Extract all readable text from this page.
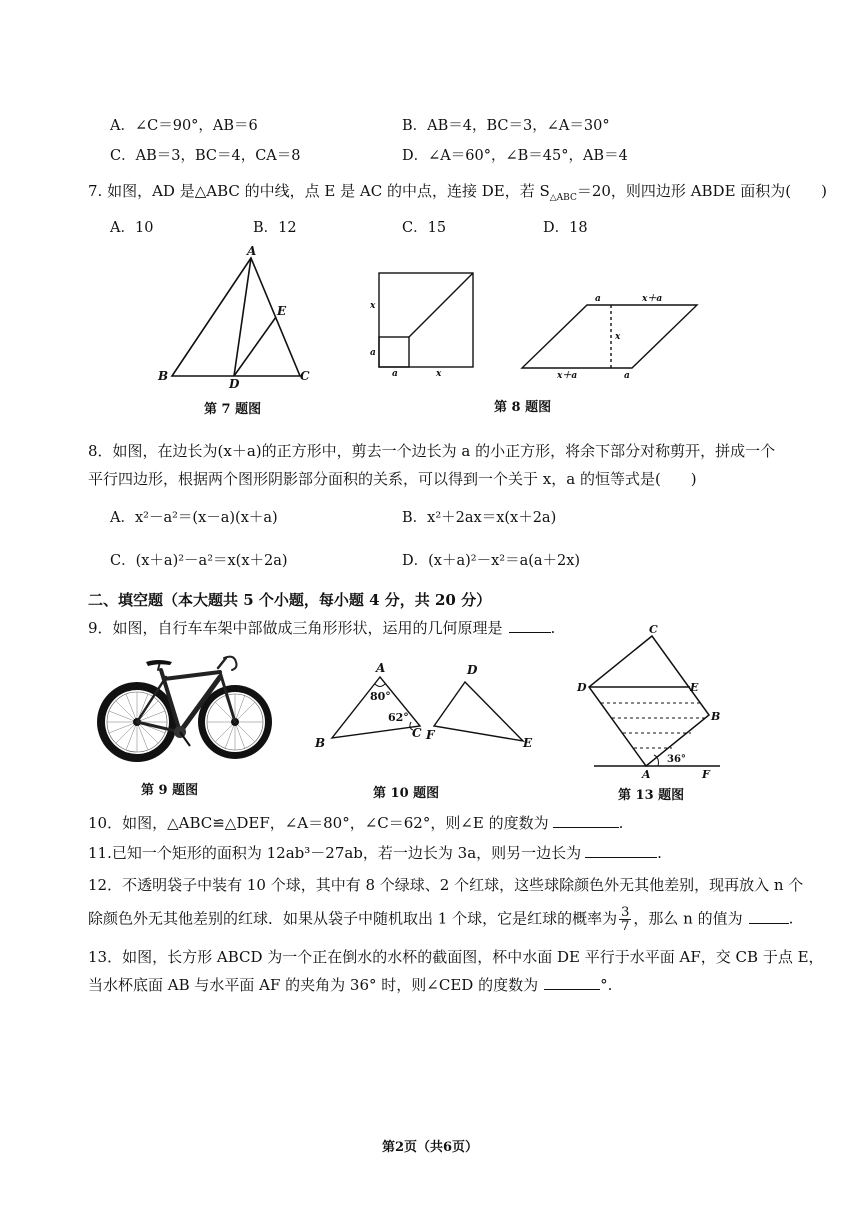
A．∠C＝90°，AB＝6	B．AB＝4，BC＝3，∠A＝30°
C．AB＝3，BC＝4，CA＝8	D．∠A＝60°，∠B＝45°，AB＝4
7. 如图，AD 是△ABC 的中线，点 E 是 AC 的中点，连接 DE，若 $S_{\triangle ABC}=20$，则四边形 ABDE 面积为(　　)
A．10	B．12	C．15	D．18
A
B	C
D
E
第 7 题图
x
a
a	x
a	x＋a
x
x＋a	a
第 8 题图
8．如图，在边长为(x＋a)的正方形中，剪去一个边长为 a 的小正方形，将余下部分对称剪开，拼成一个
平行四边形，根据两个图形阴影部分面积的关系，可以得到一个关于 x，a 的恒等式是(　　)
A．x²－a²＝(x－a)(x＋a)	B．x²＋2ax＝x(x＋2a)
C．(x＋a)²－a²＝x(x＋2a)	D．(x＋a)²－x²＝a(a＋2x)
二、填空题（本大题共 5 个小题，每小题 4 分，共 20 分）
9．如图，自行车车架中部做成三角形形状，运用的几何原理是	.
第 9 题图
A
B
C
D
E
F
80°
62°
第 10 题图
C
D	E
B
A	F
36°
第 13 题图
10．如图，△ABC≌△DEF，∠A＝80°，∠C＝62°，则∠E 的度数为	.
11.已知一个矩形的面积为 12ab³－27ab，若一边长为 3a，则另一边长为	.
12．不透明袋子中装有 10 个球，其中有 8 个绿球、2 个红球，这些球除颜色外无其他差别，现再放入 n 个
除颜色外无其他差别的红球．如果从袋子中随机取出 1 个球，它是红球的概率为 $\frac{3}{7}$ ，那么 n 的值为	.
13．如图，长方形 ABCD 为一个正在倒水的水杯的截面图，杯中水面 DE 平行于水平面 AF，交 CB 于点 E，
当水杯底面 AB 与水平面 AF 的夹角为 36° 时，则∠CED 的度数为	°.
第2页（共6页）
